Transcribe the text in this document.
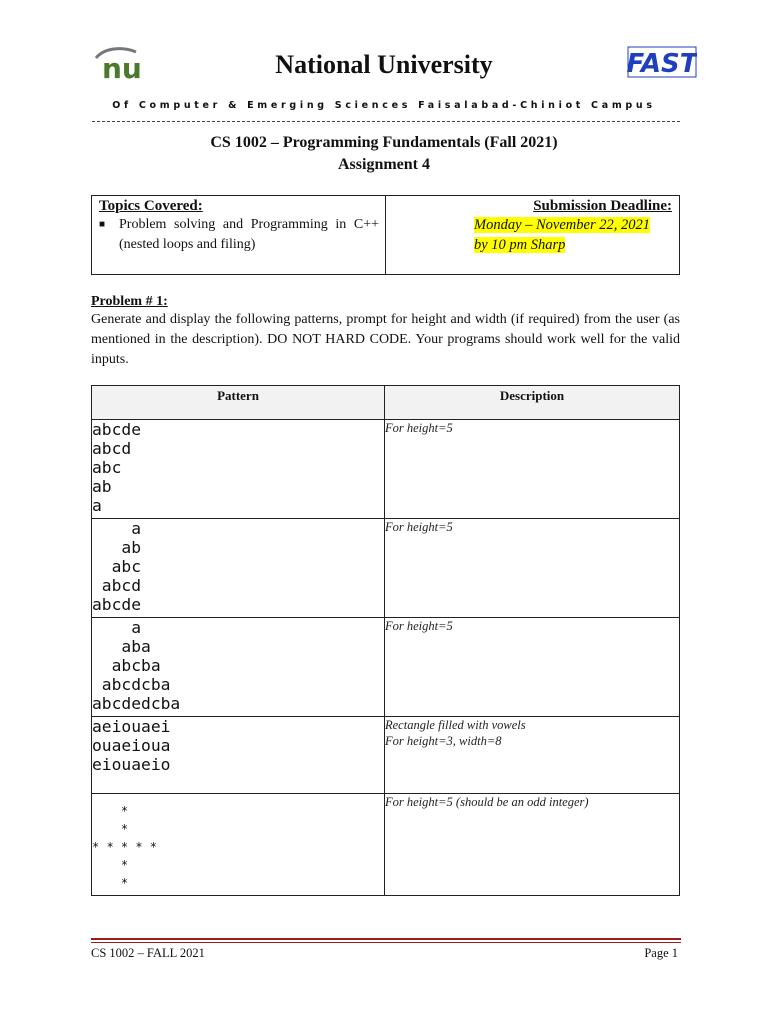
nu	FAST
National University
Of Computer & Emerging Sciences Faisalabad-Chiniot Campus
CS 1002 – Programming Fundamentals (Fall 2021)
Assignment 4
Topics Covered:
■ Problem solving and Programming in C++ (nested loops and filing)
Submission Deadline:
Monday – November 22, 2021
by 10 pm Sharp
Problem # 1:
Generate and display the following patterns, prompt for height and width (if required) from the user (as mentioned in the description). DO NOT HARD CODE. Your programs should work well for the valid inputs.
Pattern	Description
abcde
abcd
abc
ab
a	For height=5
a
ab
abc
abcd
abcde	For height=5
a
aba
abcba
abcdcba
abcdedcba	For height=5
aeiouaei
ouaeioua
eiouaeio	Rectangle filled with vowels
For height=3, width=8
*
*
* * * * *
*
*	For height=5 (should be an odd integer)
CS 1002 – FALL 2021	Page 1
